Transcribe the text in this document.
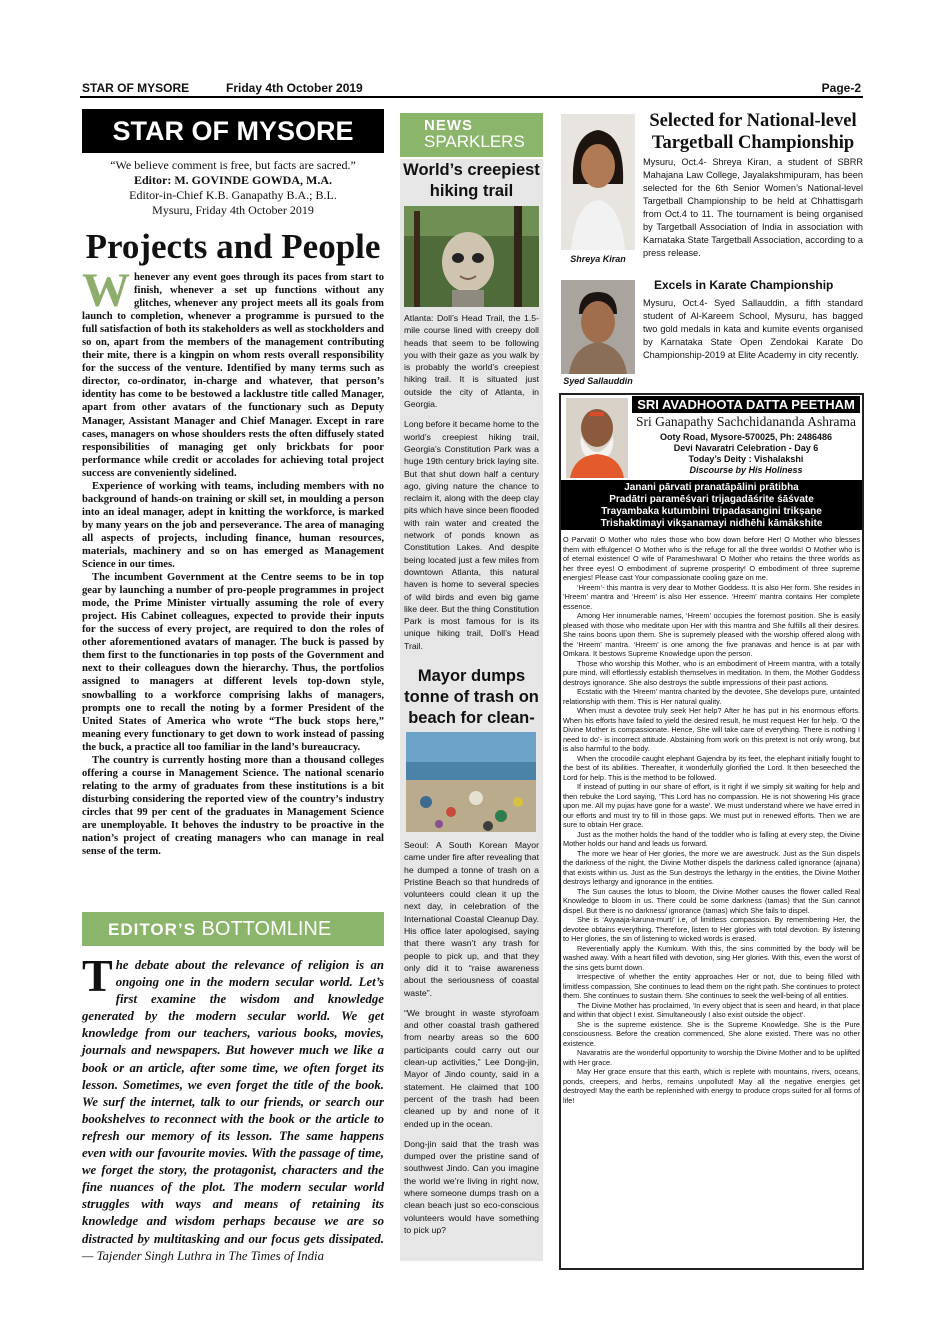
STAR OF MYSORE	Friday 4th October 2019	Page-2
STAR OF MYSORE
“We believe comment is free, but facts are sacred.”
Editor: M. GOVINDE GOWDA, M.A.
Editor-in-Chief K.B. Ganapathy B.A.; B.L.
Mysuru, Friday 4th October 2019
Projects and People

Whenever any event goes through its paces from start to finish, whenever a set up functions without any glitches, whenever any project meets all its goals from launch to completion, whenever a programme is pursued to the full satisfaction of both its stakeholders as well as stockholders and so on, apart from the members of the management contributing their mite, there is a kingpin on whom rests overall responsibility for the success of the venture. Identified by many terms such as director, co-ordinator, in-charge and whatever, that person’s identity has come to be bestowed a lacklustre title called Manager, apart from other avatars of the functionary such as Deputy Manager, Assistant Manager and Chief Manager. Except in rare cases, managers on whose shoulders rests the often diffusely stated responsibilities of managing get only brickbats for poor performance while credit or accolades for achieving total project success are conveniently sidelined.

Experience of working with teams, including members with no background of hands-on training or skill set, in moulding a person into an ideal manager, adept in knitting the workforce, is marked by many years on the job and perseverance. The area of managing all aspects of projects, including finance, human resources, materials, machinery and so on has emerged as Management Science in our times.

The incumbent Government at the Centre seems to be in top gear by launching a number of pro-people programmes in project mode, the Prime Minister virtually assuming the role of every project. His Cabinet colleagues, expected to provide their inputs for the success of every project, are required to don the roles of other aforementioned avatars of manager. The buck is passed by them first to the functionaries in top posts of the Government and next to their colleagues down the hierarchy. Thus, the portfolios assigned to managers at different levels top-down style, snowballing to a workforce comprising lakhs of managers, prompts one to recall the noting by a former President of the United States of America who wrote “The buck stops here,” meaning every functionary to get down to work instead of passing the buck, a practice all too familiar in the land’s bureaucracy.

The country is currently hosting more than a thousand colleges offering a course in Management Science. The national scenario relating to the army of graduates from these institutions is a bit disturbing considering the reported view of the country’s industry circles that 99 per cent of the graduates in Management Science are unemployable. It behoves the industry to be proactive in the nation’s project of creating managers who can manage in real sense of the term.

EDITOR’S BOTTOMLINE
The debate about the relevance of religion is an ongoing one in the modern secular world. Let’s first examine the wisdom and knowledge generated by the modern secular world. We get knowledge from our teachers, various books, movies, journals and newspapers. But however much we like a book or an article, after some time, we often forget its lesson. Sometimes, we even forget the title of the book. We surf the internet, talk to our friends, or search our bookshelves to reconnect with the book or the article to refresh our memory of its lesson. The same happens even with our favourite movies. With the passage of time, we forget the story, the protagonist, characters and the fine nuances of the plot. The modern secular world struggles with ways and means of retaining its knowledge and wisdom perhaps because we are so distracted by multitasking and our focus gets dissipated. — Tajender Singh Luthra in The Times of India
NEWS
SPARKLERS
World’s creepiest hiking trail

Atlanta: Doll’s Head Trail, the 1.5-mile course lined with creepy doll heads that seem to be following you with their gaze as you walk by is probably the world’s creepiest hiking trail. It is situated just outside the city of Atlanta, in Georgia.

Long before it became home to the world’s creepiest hiking trail, Georgia’s Constitution Park was a huge 19th century brick laying site. But that shut down half a century ago, giving nature the chance to reclaim it, along with the deep clay pits which have since been flooded with rain water and created the network of ponds known as Constitution Lakes. And despite being located just a few miles from downtown Atlanta, this natural haven is home to several species of wild birds and even big game like deer. But the thing Constitution Park is most famous for is its unique hiking trail, Doll’s Head Trail.

Mayor dumps tonne of trash on beach for clean-

Seoul: A South Korean Mayor came under fire after revealing that he dumped a tonne of trash on a Pristine Beach so that hundreds of volunteers could clean it up the next day, in celebration of the International Coastal Cleanup Day. His office later apologised, saying that there wasn’t any trash for people to pick up, and that they only did it to “raise awareness about the seriousness of coastal waste”.

“We brought in waste styrofoam and other coastal trash gathered from nearby areas so the 600 participants could carry out our clean-up activities,” Lee Dong-jin, Mayor of Jindo county, said in a statement. He claimed that 100 percent of the trash had been cleaned up by and none of it ended up in the ocean.

Dong-jin said that the trash was dumped over the pristine sand of southwest Jindo. Can you imagine the world we’re living in right now, where someone dumps trash on a clean beach just so eco-conscious volunteers would have something to pick up?

Shreya Kiran
Selected for National-level Targetball Championship
Mysuru, Oct.4- Shreya Kiran, a student of SBRR Mahajana Law College, Jayalakshmipuram, has been selected for the 6th Senior Women’s National-level Targetball Championship to be held at Chhattisgarh from Oct.4 to 11. The tournament is being organised by Targetball Association of India in association with Karnataka State Targetball Association, according to a press release.
Syed Sallauddin
Excels in Karate Championship
Mysuru, Oct.4- Syed Sallauddin, a fifth standard student of Al-Kareem School, Mysuru, has bagged two gold medals in kata and kumite events organised by Karnataka State Open Zendokai Karate Do Championship-2019 at Elite Academy in city recently.
SRI AVADHOOTA DATTA PEETHAM
Sri Ganapathy Sachchidananda Ashrama
Ooty Road, Mysore-570025, Ph: 2486486
Devi Navaratri Celebration - Day 6
Today’s Deity : Vishalakshi
Discourse by His Holiness
Janani pārvati pranatāpālini prātibha
Pradātri paramēśvari trijagadāśrite śāśvate
Trayambaka kutumbini tripadasangini trikṣaṇe
Trishaktimayi vikṣanamayi nidhēhi kāmākshite

O Parvati! O Mother who rules those who bow down before Her! O Mother who blesses them with effulgence! O Mother who is the refuge for all the three worlds! O Mother who is of eternal existence! O wife of Parameshwara! O Mother who retains the three worlds as her three eyes! O embodiment of supreme prosperity! O embodiment of three supreme energies! Please cast Your compassionate cooling gaze on me.

‘Hreem’- this mantra is very dear to Mother Goddess. It is also Her form. She resides in ‘Hreem’ mantra and ‘Hreem’ is also Her essence. ‘Hreem’ mantra contains Her complete essence.

Among Her innumerable names, ‘Hreem’ occupies the foremost position. She is easily pleased with those who meditate upon Her with this mantra and She fulfills all their desires. She rains boons upon them. She is supremely pleased with the worship offered along with the ‘Hreem’ mantra. ‘Hreem’ is one among the five pranavas and hence is at par with Omkara. It bestows Supreme Knowledge upon the person.

Those who worship this Mother, who is an embodiment of Hreem mantra, with a totally pure mind, will effortlessly establish themselves in meditation. In them, the Mother Goddess destroys ignorance. She also destroys the subtle impressions of their past actions.

Ecstatic with the ‘Hreem’ mantra chanted by the devotee, She develops pure, untainted relationship with them. This is Her natural quality.

When must a devotee truly seek Her help? After he has put in his enormous efforts. When his efforts have failed to yield the desired result, he must request Her for help. ‘O the Divine Mother is compassionate. Hence, She will take care of everything. There is nothing I need to do’- is incorrect attitude. Abstaining from work on this pretext is not only wrong, but is also harmful to the body.

When the crocodile caught elephant Gajendra by its feet, the elephant initially fought to the best of its abilities. Thereafter, it wonderfully glorified the Lord. It then beseeched the Lord for help. This is the method to be followed.

If instead of putting in our share of effort, is it right if we simply sit waiting for help and then rebuke the Lord saying, ‘This Lord has no compassion. He is not showering His grace upon me. All my pujas have gone for a waste’. We must understand where we have erred in our efforts and must try to fill in those gaps. We must put in renewed efforts. Then we are sure to obtain Her grace.

Just as the mother holds the hand of the toddler who is falling at every step, the Divine Mother holds our hand and leads us forward.

The more we hear of Her glories, the more we are awestruck. Just as the Sun dispels the darkness of the night, the Divine Mother dispels the darkness called ignorance (ajnana) that exists within us. Just as the Sun destroys the lethargy in the entities, the Divine Mother destroys lethargy and ignorance in the entities.

The Sun causes the lotus to bloom, the Divine Mother causes the flower called Real Knowledge to bloom in us. There could be some darkness (tamas) that the Sun cannot dispel. But there is no darkness/ ignorance (tamas) which She fails to dispel.

She is ‘Avyaaja-karuna-murti’ i.e, of limitless compassion. By remembering Her, the devotee obtains everything. Therefore, listen to Her glories with total devotion. By listening to Her glories, the sin of listening to wicked words is erased.

Reverentially apply the Kumkum. With this, the sins committed by the body will be washed away. With a heart filled with devotion, sing Her glories. With this, even the worst of the sins gets burnt down.

Irrespective of whether the entity approaches Her or not, due to being filled with limitless compassion, She continues to lead them on the right path. She continues to protect them. She continues to sustain them. She continues to seek the well-being of all entities.

The Divine Mother has proclaimed, ‘In every object that is seen and heard, in that place and within that object I exist. Simultaneously I also exist outside the object’.

She is the supreme existence. She is the Supreme Knowledge. She is the Pure consciousness. Before the creation commenced, She alone existed. There was no other existence.

Navaratris are the wonderful opportunity to worship the Divine Mother and to be uplifted with Her grace.

May Her grace ensure that this earth, which is replete with mountains, rivers, oceans, ponds, creepers, and herbs, remains unpolluted! May all the negative energies get destroyed! May the earth be replenished with energy to produce crops suited for all forms of life!
